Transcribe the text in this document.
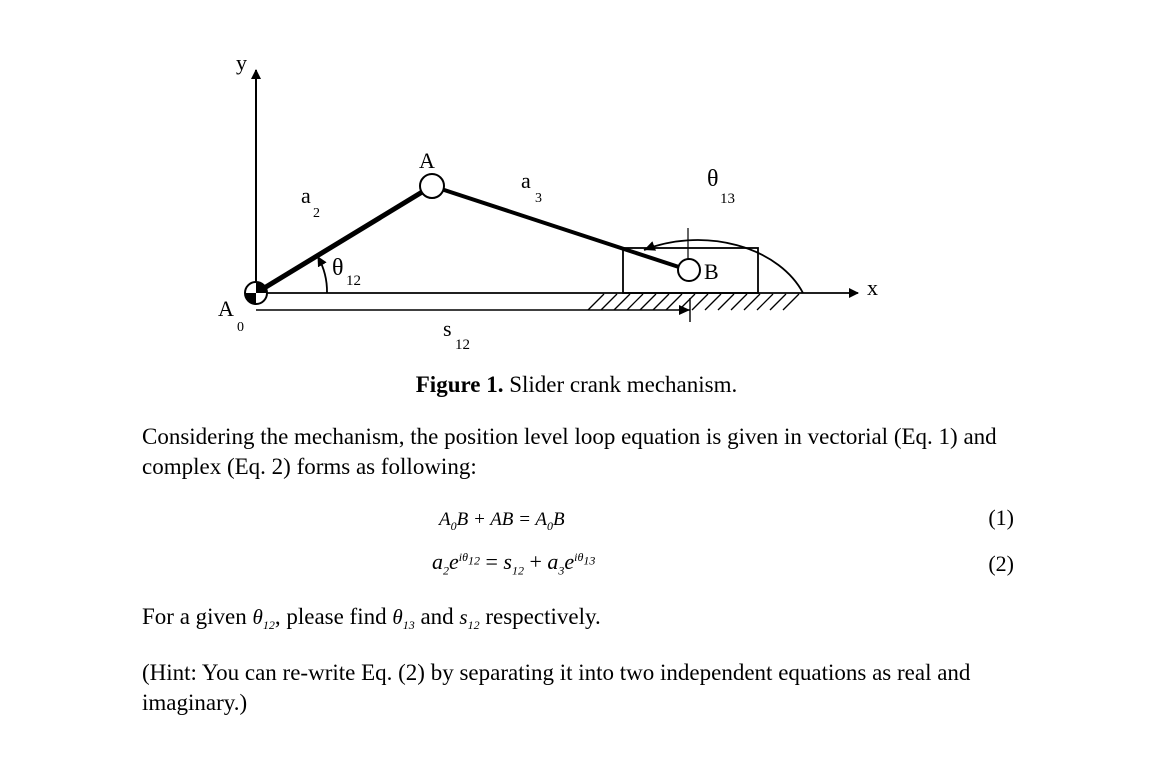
y
x
A
B
A
0
a
2
a
3
θ 12
θ
13
s
12
Figure 1. Slider crank mechanism.
Considering the mechanism, the position level loop equation is given in vectorial (Eq. 1) and complex (Eq. 2) forms as following:
$A_0B$ + AB = $A_0B$	(1)
$a_2e^{i\theta_{12}} = s_{12} + a_3e^{i\theta_{13}}$	(2)
For a given $\theta_{12}$, please find $\theta_{13}$ and $s_{12}$ respectively.
(Hint: You can re-write Eq. (2) by separating it into two independent equations as real and imaginary.)
